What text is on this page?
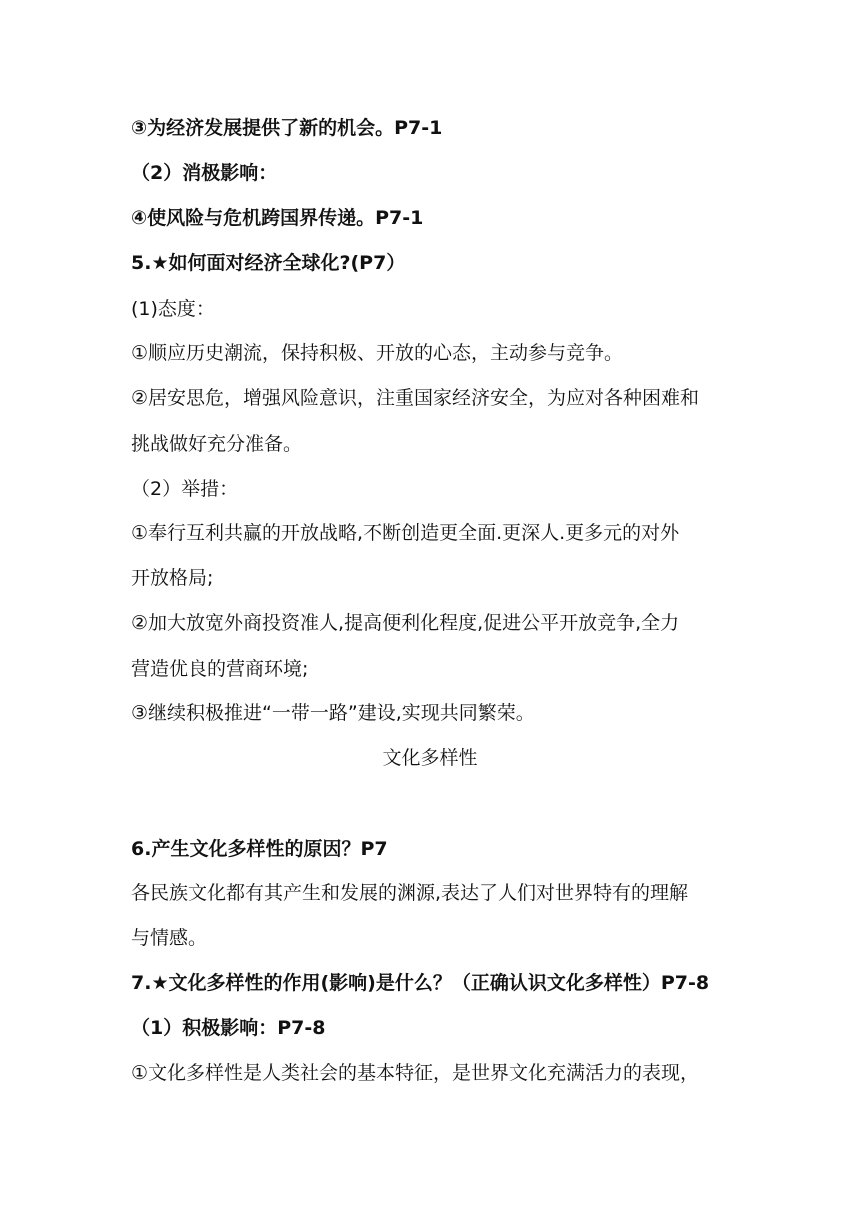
③为经济发展提供了新的机会。P7-1
（2）消极影响：
④使风险与危机跨国界传递。P7-1
5.★如何面对经济全球化?(P7）
(1)态度：
①顺应历史潮流，保持积极、开放的心态，主动参与竞争。
②居安思危，增强风险意识，注重国家经济安全，为应对各种困难和
挑战做好充分准备。
（2）举措：
①奉行互利共赢的开放战略,不断创造更全面.更深人.更多元的对外
开放格局;
②加大放宽外商投资准人,提高便利化程度,促进公平开放竞争,全力
营造优良的营商环境;
③继续积极推进“一带一路”建设,实现共同繁荣。
文化多样性
6.产生文化多样性的原因？P7
各民族文化都有其产生和发展的渊源,表达了人们对世界特有的理解
与情感。
7.★文化多样性的作用(影响)是什么？（正确认识文化多样性）P7-8
（1）积极影响：P7-8
①文化多样性是人类社会的基本特征，是世界文化充满活力的表现，
